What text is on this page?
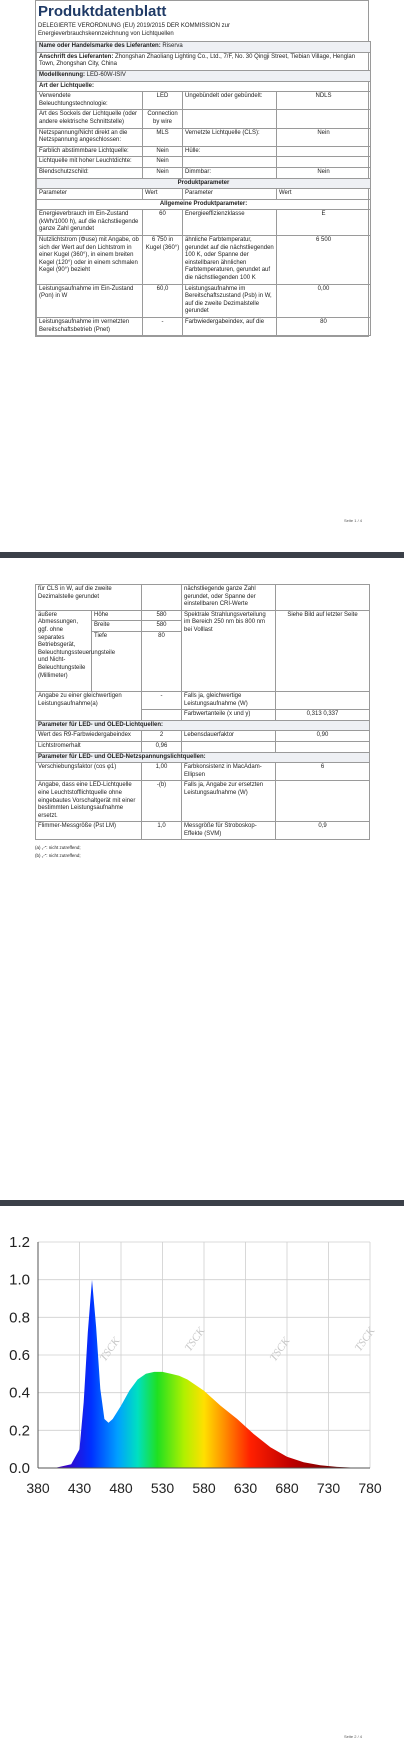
Produktdatenblatt
DELEGIERTE VERORDNUNG (EU) 2019/2015 DER KOMMISSION zur
Energieverbrauchskennzeichnung von Lichtquellen
Name oder Handelsmarke des Lieferanten: Riserva			
Anschrift des Lieferanten: Zhongshan Zhaoliang Lighting Co., Ltd., 7/F, No. 30 Qingji Street, Tiebian Village, Henglan Town, Zhongshan City, China			
Modellkennung: LED-60W-ISIV			
Art der Lichtquelle:			
Verwendete Beleuchtungstechnologie:	LED	Ungebündelt oder gebündelt:	NDLS
Art des Sockels der Lichtquelle (oder andere elektrische Schnittstelle)	Connection by wire		
Netzspannung/Nicht direkt an die Netzspannung angeschlossen:	MLS	Vernetzte Lichtquelle (CLS):	Nein
Farblich abstimmbare Lichtquelle:	Nein	Hülle:	
Lichtquelle mit hoher Leuchtdichte:	Nein		
Blendschutzschild:	Nein	Dimmbar:	Nein
Produktparameter			
Parameter	Wert	Parameter	Wert
Allgemeine Produktparameter:			
Energieverbrauch im Ein-Zustand (kWh/1000 h), auf die nächstliegende ganze Zahl gerundet	60	Energieeffizienzklasse	E
Nutzlichtstrom (Φuse) mit Angabe, ob sich der Wert auf den Lichtstrom in einer Kugel (360°), in einem breiten Kegel (120°) oder in einem schmalen Kegel (90°) bezieht	6 750 in Kugel (360°)	ähnliche Farbtemperatur, gerundet auf die nächstliegenden 100 K, oder Spanne der einstellbaren ähnlichen Farbtemperaturen, gerundet auf die nächstliegenden 100 K	6 500
Leistungsaufnahme im Ein-Zustand (Pon) in W	60,0	Leistungsaufnahme im Bereitschaftszustand (Psb) in W, auf die zweite Dezimalstelle gerundet	0,00
Leistungsaufnahme im vernetzten Bereitschaftsbetrieb (Pnet)	-	Farbwiedergabeindex, auf die	80
Seite 1 / 4
für CLS in W, auf die zweite Dezimalstelle gerundet			nächstliegende ganze Zahl gerundet, oder Spanne der einstellbaren CRI-Werte	
äußere Abmessungen, ggf. ohne separates Betriebsgerät, Beleuchtungssteuerungsteile und Nicht-Beleuchtungsteile (Millimeter)	Höhe	580	Spektrale Strahlungsverteilung im Bereich 250 nm bis 800 nm bei Volllast	Siehe Bild auf letzter Seite
	Breite	580		
	Tiefe	80		
Angabe zu einer gleichwertigen Leistungsaufnahme(a)		-	Falls ja, gleichwertige Leistungsaufnahme (W)	
			Farbwertanteile (x und y)	0,313 0,337
Parameter für LED- und OLED-Lichtquellen:				
Wert des R9-Farbwiedergabeindex		2	Lebensdauerfaktor	0,90
Lichtstromerhalt		0,96		
Parameter für LED- und OLED-Netzspannungslichtquellen:				
Verschiebungsfaktor (cos φ1)		1,00	Farbkonsistenz in MacAdam-Ellipsen	6
Angabe, dass eine LED-Lichtquelle eine Leuchtstofflichtquelle ohne eingebautes Vorschaltgerät mit einer bestimmten Leistungsaufnahme ersetzt.		-(b)	Falls ja, Angabe zur ersetzten Leistungsaufnahme (W)	
Flimmer-Messgröße (Pst LM)		1,0	Messgröße für Stroboskop-Effekte (SVM)	0,9
(a) „-“: nicht zutreffend;
(b) „-“: nicht zutreffend;
Seite 2 / 4
TSCK	TSCK	TSCK	TSCK
0.0
0.2
0.4
0.6
0.8
1.0
1.2
380 430 480 530 580 630 680 730 780
